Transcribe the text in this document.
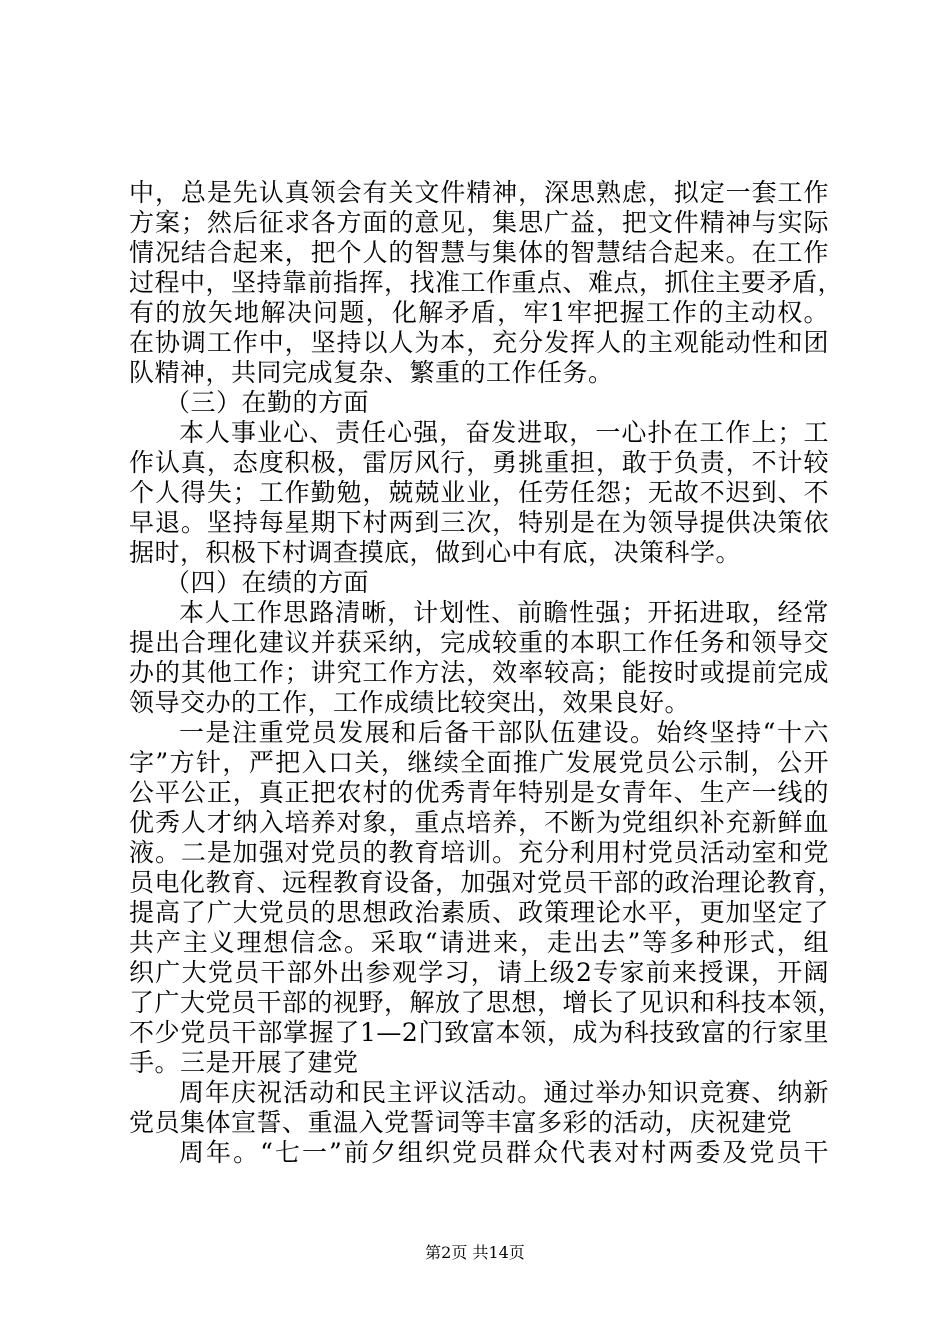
中，总是先认真领会有关文件精神，深思熟虑，拟定一套工作
方案；然后征求各方面的意见，集思广益，把文件精神与实际
情况结合起来，把个人的智慧与集体的智慧结合起来。在工作
过程中，坚持靠前指挥，找准工作重点、难点，抓住主要矛盾，
有的放矢地解决问题，化解矛盾，牢1牢把握工作的主动权。
在协调工作中，坚持以人为本，充分发挥人的主观能动性和团
队精神，共同完成复杂、繁重的工作任务。
（三）在勤的方面
本人事业心、责任心强，奋发进取，一心扑在工作上；工
作认真，态度积极，雷厉风行，勇挑重担，敢于负责，不计较
个人得失；工作勤勉，兢兢业业，任劳任怨；无故不迟到、不
早退。坚持每星期下村两到三次，特别是在为领导提供决策依
据时，积极下村调查摸底，做到心中有底，决策科学。
（四）在绩的方面
本人工作思路清晰，计划性、前瞻性强；开拓进取，经常
提出合理化建议并获采纳，完成较重的本职工作任务和领导交
办的其他工作；讲究工作方法，效率较高；能按时或提前完成
领导交办的工作，工作成绩比较突出，效果良好。
一是注重党员发展和后备干部队伍建设。始终坚持“十六
字”方针，严把入口关，继续全面推广发展党员公示制，公开
公平公正，真正把农村的优秀青年特别是女青年、生产一线的
优秀人才纳入培养对象，重点培养，不断为党组织补充新鲜血
液。二是加强对党员的教育培训。充分利用村党员活动室和党
员电化教育、远程教育设备，加强对党员干部的政治理论教育，
提高了广大党员的思想政治素质、政策理论水平，更加坚定了
共产主义理想信念。采取“请进来，走出去”等多种形式，组
织广大党员干部外出参观学习，请上级2专家前来授课，开阔
了广大党员干部的视野，解放了思想，增长了见识和科技本领，
不少党员干部掌握了1—2门致富本领，成为科技致富的行家里
手。三是开展了建党
周年庆祝活动和民主评议活动。通过举办知识竞赛、纳新
党员集体宣誓、重温入党誓词等丰富多彩的活动，庆祝建党
周年。“七一”前夕组织党员群众代表对村两委及党员干
第2页 共14页
